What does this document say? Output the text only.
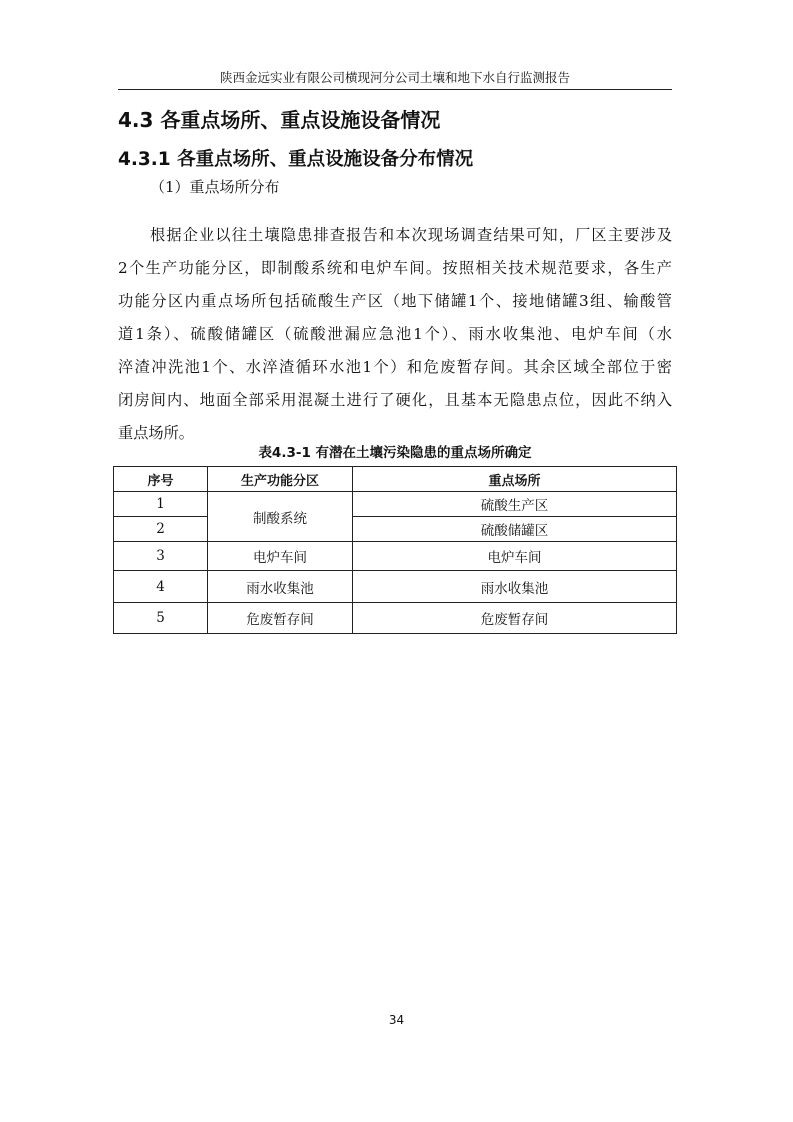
陕西金远实业有限公司横现河分公司土壤和地下水自行监测报告
4.3 各重点场所、重点设施设备情况
4.3.1 各重点场所、重点设施设备分布情况
（1）重点场所分布
根据企业以往土壤隐患排查报告和本次现场调查结果可知，厂区主要涉及
2个生产功能分区，即制酸系统和电炉车间。按照相关技术规范要求，各生产
功能分区内重点场所包括硫酸生产区（地下储罐1个、接地储罐3组、输酸管
道1条）、硫酸储罐区（硫酸泄漏应急池1个）、雨水收集池、电炉车间（水
淬渣冲洗池1个、水淬渣循环水池1个）和危废暂存间。其余区域全部位于密
闭房间内、地面全部采用混凝土进行了硬化，且基本无隐患点位，因此不纳入
重点场所。
表4.3-1 有潜在土壤污染隐患的重点场所确定
序号	生产功能分区	重点场所
1	制酸系统	硫酸生产区
2		硫酸储罐区
3	电炉车间	电炉车间
4	雨水收集池	雨水收集池
5	危废暂存间	危废暂存间
34
